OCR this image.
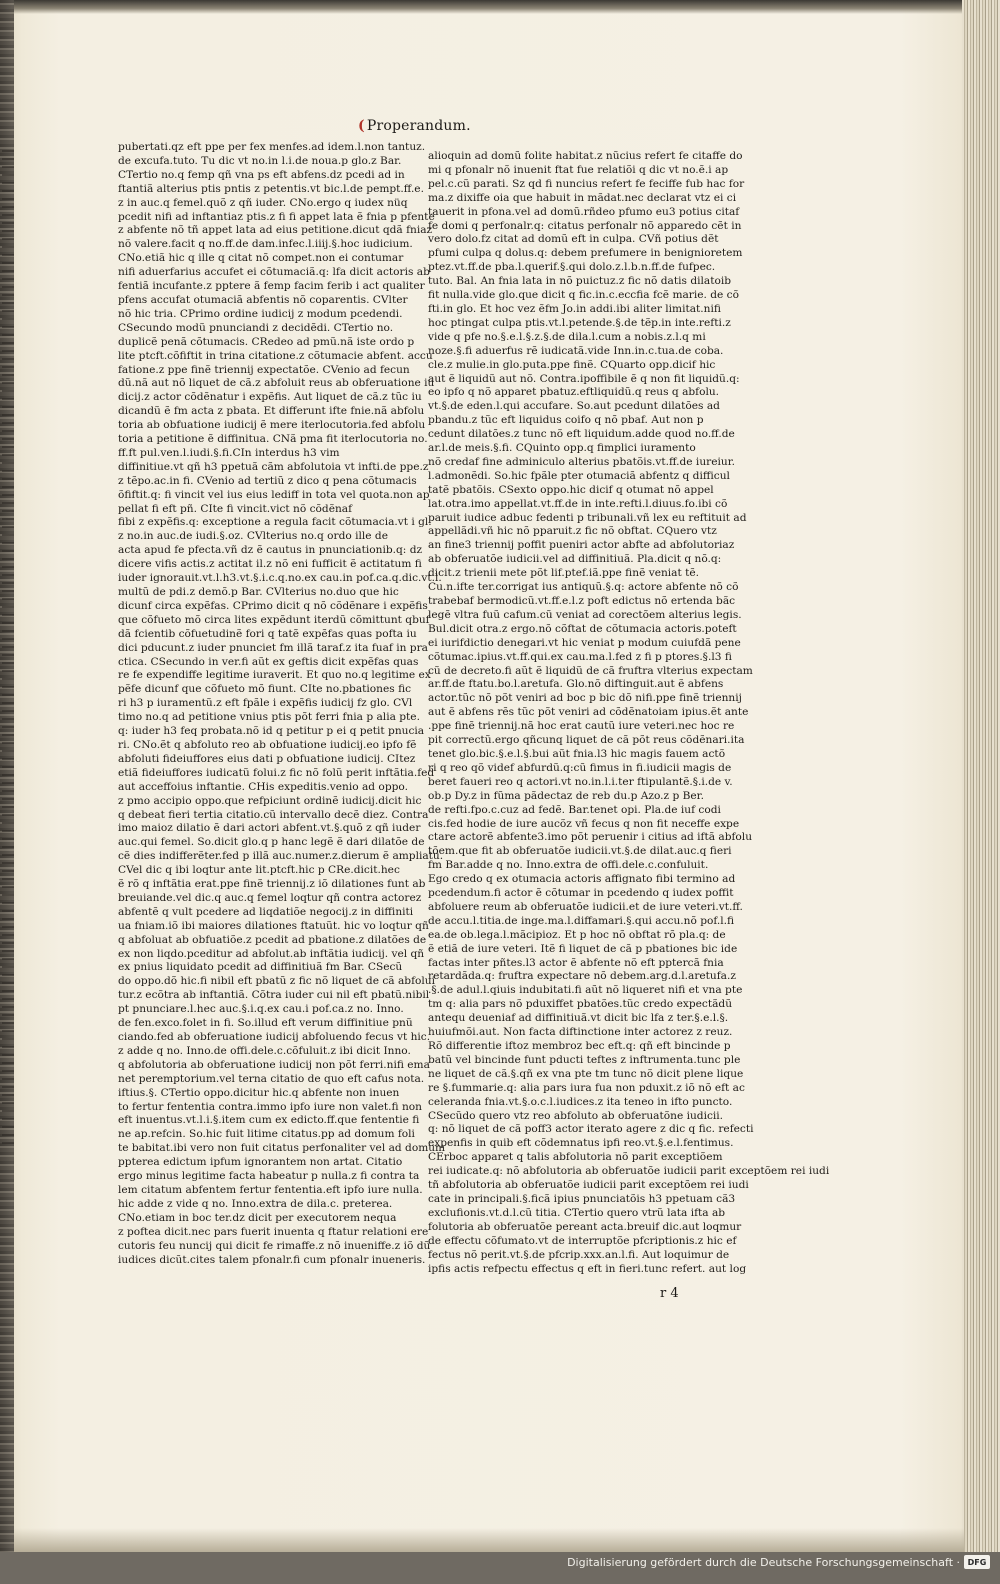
( Properandum.
pubertati.qz eft ppe per fex menfes.ad idem.l.non tantuz.
de excufa.tuto. Tu dic vt no.in l.i.de noua.p glo.z Bar.
CTertio no.q femp qñ vna ps eft abfens.dz pcedi ad in
ftantiã alterius ptis pntis z petentis.vt bic.l.de pempt.ff.e.
z in auc.q femel.quõ z qñ iuder. CNo.ergo q iudex nüq
pcedit nifi ad inftantiaz ptis.z fi fi appet lata ẽ fnia p pfente
z abfente nõ tñ appet lata ad eius petitione.dicut qdã fniaz
nõ valere.facit q no.ff.de dam.infec.l.iiij.§.hoc iudicium.
CNo.etiã hic q ille q citat nõ compet.non ei contumar
nifi aduerfarius accufet ei cõtumaciã.q: lfa dicit actoris ab
fentiã incufante.z pptere ã femp facim ferib i act qualiter
pfens accufat otumaciã abfentis nõ coparentis. CVlter
nõ hic tria. CPrimo ordine iudicij z modum pcedendi.
CSecundo modũ pnunciandi z decidẽdi. CTertio no.
duplicẽ penã cõtumacis. CRedeo ad pmũ.nã iste ordo p
lite ptcft.cõfiftit in trina citatione.z cõtumacie abfent. accu
fatione.z ppe finẽ triennij expectatõe. CVenio ad fecun
dũ.nã aut nõ liquet de cã.z abfoluit reus ab obferuatione iu
dicij.z actor cõdẽnatur i expẽfis. Aut liquet de cã.z tũc iu
dicandũ ẽ fm acta z pbata. Et differunt ifte fnie.nã abfolu
toria ab obfuatione iudicij ẽ mere iterlocutoria.fed abfolu
toria a petitione ẽ diffinitua. CNã pma fit iterlocutoria no.
ff.ft pul.ven.l.iudi.§.fi.CIn interdus h3 vim
diffinitiue.vt qñ h3 ppetuã cãm abfolutoia vt infti.de ppe.z
z tẽpo.ac.in fi. CVenio ad tertiũ z dico q pena cõtumacis
õfiftit.q: fi vincit vel ius eius lediff in tota vel quota.non ap
pellat fi eft pñ. CIte fi vincit.vict nõ cõdẽnaf
fibi z expẽfis.q: exceptione a regula facit cõtumacia.vt i gl.
z no.in auc.de iudi.§.oz. CVlterius no.q ordo ille de
acta apud fe pfecta.vñ dz ẽ cautus in pnunciationib.q: dz
dicere vifis actis.z actitat il.z nõ eni fufficit ẽ actitatum fi
iuder ignorauit.vt.l.h3.vt.§.i.c.q.no.ex cau.in pof.ca.q.dic.vt.l.
multũ de pdi.z demõ.p Bar. CVlterius no.duo que hic
dicunf circa expẽfas. CPrimo dicit q nõ cõdẽnare i expẽfis
que cõfueto mõ circa lites expẽdunt iterdũ cõmittunt qbuf
dã fcientib cõfuetudinẽ fori q tatẽ expẽfas quas pofta iu
dici pducunt.z iuder pnunciet fm illã taraf.z ita fuaf in pra
ctica. CSecundo in ver.fi aũt ex geftis dicit expẽfas quas
re fe expendiffe legitime iuraverit. Et quo no.q legitime ex
pẽfe dicunf que cõfueto mõ fiunt. CIte no.pbationes fic
ri h3 p iuramentũ.z eft fpãle i expẽfis iudicij fz glo. CVl
timo no.q ad petitione vnius ptis põt ferri fnia p alia pte.
q: iuder h3 feq probata.nõ id q petitur p ei q petit pnucia
ri. CNo.ẽt q abfoluto reo ab obfuatione iudicij.eo ipfo fẽ
abfoluti fideiuffores eius dati p obfuatione iudicij. CItez
etiã fideiuffores iudicatũ folui.z fic nõ folũ perit inftãtia.fed
aut acceffoius inftantie. CHis expeditis.venio ad oppo.
z pmo accipio oppo.que refpiciunt ordinẽ iudicij.dicit hic
q debeat fieri tertia citatio.cũ intervallo decẽ diez. Contra
imo maioz dilatio ẽ dari actori abfent.vt.§.quõ z qñ iuder
auc.qui femel. So.dicit glo.q p hanc legẽ ẽ dari dilatõe de
cẽ dies indifferẽter.fed p illã auc.numer.z.dierum ẽ ampliatu.
CVel dic q ibi loqtur ante lit.ptcft.hic p CRe.dicit.hec
ẽ rõ q inftãtia erat.ppe finẽ triennij.z iõ dilationes funt ab
breuiande.vel dic.q auc.q femel loqtur qñ contra actorez
abfentẽ q vult pcedere ad liqdatiõe negocij.z in diffiniti
ua fniam.iõ ibi maiores dilationes ftatuũt. hic vo loqtur qñ
q abfoluat ab obfuatiõe.z pcedit ad pbatione.z dilatões de
ex non liqdo.pceditur ad abfolut.ab inftãtia iudicij. vel qñ
ex pnius liquidato pcedit ad diffinitiuã fm Bar. CSecũ
do oppo.dõ hic.fi nibil eft pbatũ z fic nõ liquet de cã abfolui
tur.z ecõtra ab inftantiã. Cõtra iuder cui nil eft pbatũ.nibil
pt pnunciare.l.hec auc.§.i.q.ex cau.i pof.ca.z no. Inno.
de fen.exco.folet in fi. So.illud eft verum diffinitiue pnũ
ciando.fed ab obferuatione iudicij abfoluendo fecus vt hic.
z adde q no. Inno.de offi.dele.c.cõfuluit.z ibi dicit Inno.
q abfolutoria ab obferuatione iudicij non põt ferri.nifi ema
net peremptorium.vel terna citatio de quo eft cafus nota.
iftius.§. CTertio oppo.dicitur hic.q abfente non inuen
to fertur fententia contra.immo ipfo iure non valet.fi non
eft inuentus.vt.l.i.§.item cum ex edicto.ff.que fententie fi
ne ap.refcin. So.hic fuit litime citatus.pp ad domum foli
te babitat.ibi vero non fuit citatus perfonaliter vel ad domum
ppterea edictum ipfum ignorantem non artat. Citatio
ergo minus legitime facta habeatur p nulla.z fi contra ta
lem citatum abfentem fertur fententia.eft ipfo iure nulla.
hic adde z vide q no. Inno.extra de dila.c. preterea.
CNo.etiam in boc ter.dz dicit per executorem nequa
z poftea dicit.nec pars fuerit inuenta q ftatur relationi ere
cutoris feu nuncij qui dicit fe rimaffe.z nõ inueniffe.z iõ dũ
iudices dicũt.cites talem pfonalr.fi cum pfonalr inueneris.
alioquin ad domũ folite habitat.z nũcius refert fe citaffe do
mi q pfonalr nõ inuenit ftat fue relatiõi q dic vt no.ẽ.i ap
pel.c.cũ parati. Sz qd fi nuncius refert fe feciffe fub hac for
ma.z dixiffe oia que habuit in mãdat.nec declarat vtz ei ci
tauerit in pfona.vel ad domũ.rñdeo pfumo eu3 potius citaf
fe domi q perfonalr.q: citatus perfonalr nõ apparedo cẽt in
vero dolo.fz citat ad domũ eft in culpa. CVñ potius dẽt
pfumi culpa q dolus.q: debem prefumere in benignioretem
ptez.vt.ff.de pba.l.querif.§.qui dolo.z.l.b.n.ff.de fufpec.
tuto. Bal. An fnia lata in nõ puictuz.z fic nõ datis dilatoib
fit nulla.vide glo.que dicit q fic.in.c.eccfia fcẽ marie. de cõ
fti.in glo. Et hoc vez ẽfm Jo.in addi.ibi aliter limitat.nifi
hoc ptingat culpa ptis.vt.l.petende.§.de tẽp.in inte.refti.z
vide q pfe no.§.e.l.§.z.§.de dila.l.cum a nobis.z.l.q mi
noze.§.fi aduerfus rẽ iudicatã.vide Inn.in.c.tua.de coba.
cle.z mulie.in glo.puta.ppe finẽ. CQuarto opp.dicif hic
aut ẽ liquidũ aut nõ. Contra.ipoffibile ẽ q non fit liquidũ.q:
eo ipfo q nõ apparet pbatuz.eftliquidũ.q reus q abfolu.
vt.§.de eden.l.qui accufare. So.aut pcedunt dilatões ad
pbandu.z tũc eft liquidus coifo q nõ pbaf. Aut non p
cedunt dilatões.z tunc nõ eft liquidum.adde quod no.ff.de
ar.l.de meis.§.fi. CQuinto opp.q fimplici iuramento
nõ credaf fine adminiculo alterius pbatõis.vt.ff.de iureiur.
l.admonẽdi. So.hic fpãle pter otumaciã abfentz q difficul
tatẽ pbatõis. CSexto oppo.hic dicif q otumat nõ appel
lat.otra.imo appellat.vt.ff.de in inte.refti.l.diuus.fo.ibi cõ
paruit iudice adbuc fedenti p tribunali.vñ lex eu reftituit ad
appellãdi.vñ hic nõ pparuit.z fic nõ obftat. CQuero vtz
an fine3 triennij poffit pueniri actor abfte ad abfolutoriaz
ab obferuatõe iudicii.vel ad diffinitiuã. Pla.dicit q nõ.q:
dicit.z trienii mete põt lif.ptef.iã.ppe finẽ veniat tẽ.
Cu.n.ifte ter.corrigat ius antiquũ.§.q: actore abfente nõ cõ
trabebaf bermodicũ.vt.ff.e.l.z poft edictus nõ ertenda bãc
legẽ vltra fuũ cafum.cũ veniat ad corectõem alterius legis.
Bul.dicit otra.z ergo.nõ cõftat de cõtumacia actoris.poteft
ei iurifdictio denegari.vt hic veniat p modum cuiufdã pene
cõtumac.ipius.vt.ff.qui.ex cau.ma.l.fed z fi p ptores.§.l3 fi
cũ de decreto.fi aũt ẽ liquidũ de cã fruftra vlterius expectam
ar.ff.de ftatu.bo.l.aretufa. Glo.nõ diftinguit.aut ẽ abfens
actor.tũc nõ põt veniri ad boc p bic dõ nifi.ppe finẽ triennij
aut ẽ abfens rẽs tũc põt veniri ad cõdẽnatoiam ipius.ẽt ante
.ppe finẽ triennij.nã hoc erat cautũ iure veteri.nec hoc re
pit correctũ.ergo qñcunq liquet de cã põt reus cõdẽnari.ita
tenet glo.bic.§.e.l.§.bui aũt fnia.l3 hic magis fauem actõ
ri q reo qõ videf abfurdũ.q:cũ fimus in fi.iudicii magis de
beret faueri reo q actori.vt no.in.l.i.ter ftipulantẽ.§.i.de v.
ob.p Dy.z in fũma pãdectaz de reb du.p Azo.z p Ber.
de refti.fpo.c.cuz ad fedẽ. Bar.tenet opi. Pla.de iuf codi
cis.fed hodie de iure aucõz vñ fecus q non fit neceffe expe
ctare actorẽ abfente3.imo põt peruenir i citius ad iftã abfolu
tõem.que fit ab obferuatõe iudicii.vt.§.de dilat.auc.q fieri
fm Bar.adde q no. Inno.extra de offi.dele.c.confuluit.
Ego credo q ex otumacia actoris affignato fibi termino ad
pcedendum.fi actor ẽ cõtumar in pcedendo q iudex poffit
abfoluere reum ab obferuatõe iudicii.et de iure veteri.vt.ff.
de accu.l.titia.de inge.ma.l.diffamari.§.qui accu.nõ pof.l.fi
ea.de ob.lega.l.mãcipioz. Et p hoc nõ obftat rõ pla.q: de
ẽ etiã de iure veteri. Itẽ fi liquet de cã p pbationes bic ide
factas inter pñtes.l3 actor ẽ abfente nõ eft pptercã fnia
retardãda.q: fruftra expectare nõ debem.arg.d.l.aretufa.z
.§.de adul.l.qiuis indubitati.fi aũt nõ liqueret nifi et vna pte
tm q: alia pars nõ pduxiffet pbatões.tũc credo expectãdũ
antequ deueniaf ad diffinitiuã.vt dicit bic lfa z ter.§.e.l.§.
huiufmõi.aut. Non facta diftinctione inter actorez z reuz.
Rõ differentie iftoz membroz bec eft.q: qñ eft bincinde p
batũ vel bincinde funt pducti teftes z inftrumenta.tunc ple
ne liquet de cã.§.qñ ex vna pte tm tunc nõ dicit plene lique
re §.fummarie.q: alia pars iura fua non pduxit.z iõ nõ eft ac
celeranda fnia.vt.§.o.c.l.iudices.z ita teneo in ifto puncto.
CSecũdo quero vtz reo abfoluto ab obferuatõne iudicii.
q: nõ liquet de cã poff3 actor iterato agere z dic q fic. refecti
expenfis in quib eft cõdemnatus ipfi reo.vt.§.e.l.fentimus.
CErboc apparet q talis abfolutoria nõ parit exceptiõem
rei iudicate.q: nõ abfolutoria ab obferuatõe iudicii parit exceptõem rei iudi
tñ abfolutoria ab obferuatõe iudicii parit exceptõem rei iudi
cate in principali.§.ficã ipius pnunciatõis h3 ppetuam cã3
exclufionis.vt.d.l.cũ titia. CTertio quero vtrũ lata ifta ab
folutoria ab obferuatõe pereant acta.breuif dic.aut loqmur
de effectu cõfumato.vt de interruptõe pfcriptionis.z hic ef
fectus nõ perit.vt.§.de pfcrip.xxx.an.l.fi. Aut loquimur de
ipfis actis refpectu effectus q eft in fieri.tunc refert. aut log
r 4
Digitalisierung gefördert durch die Deutsche Forschungsgemeinschaft · DFG
